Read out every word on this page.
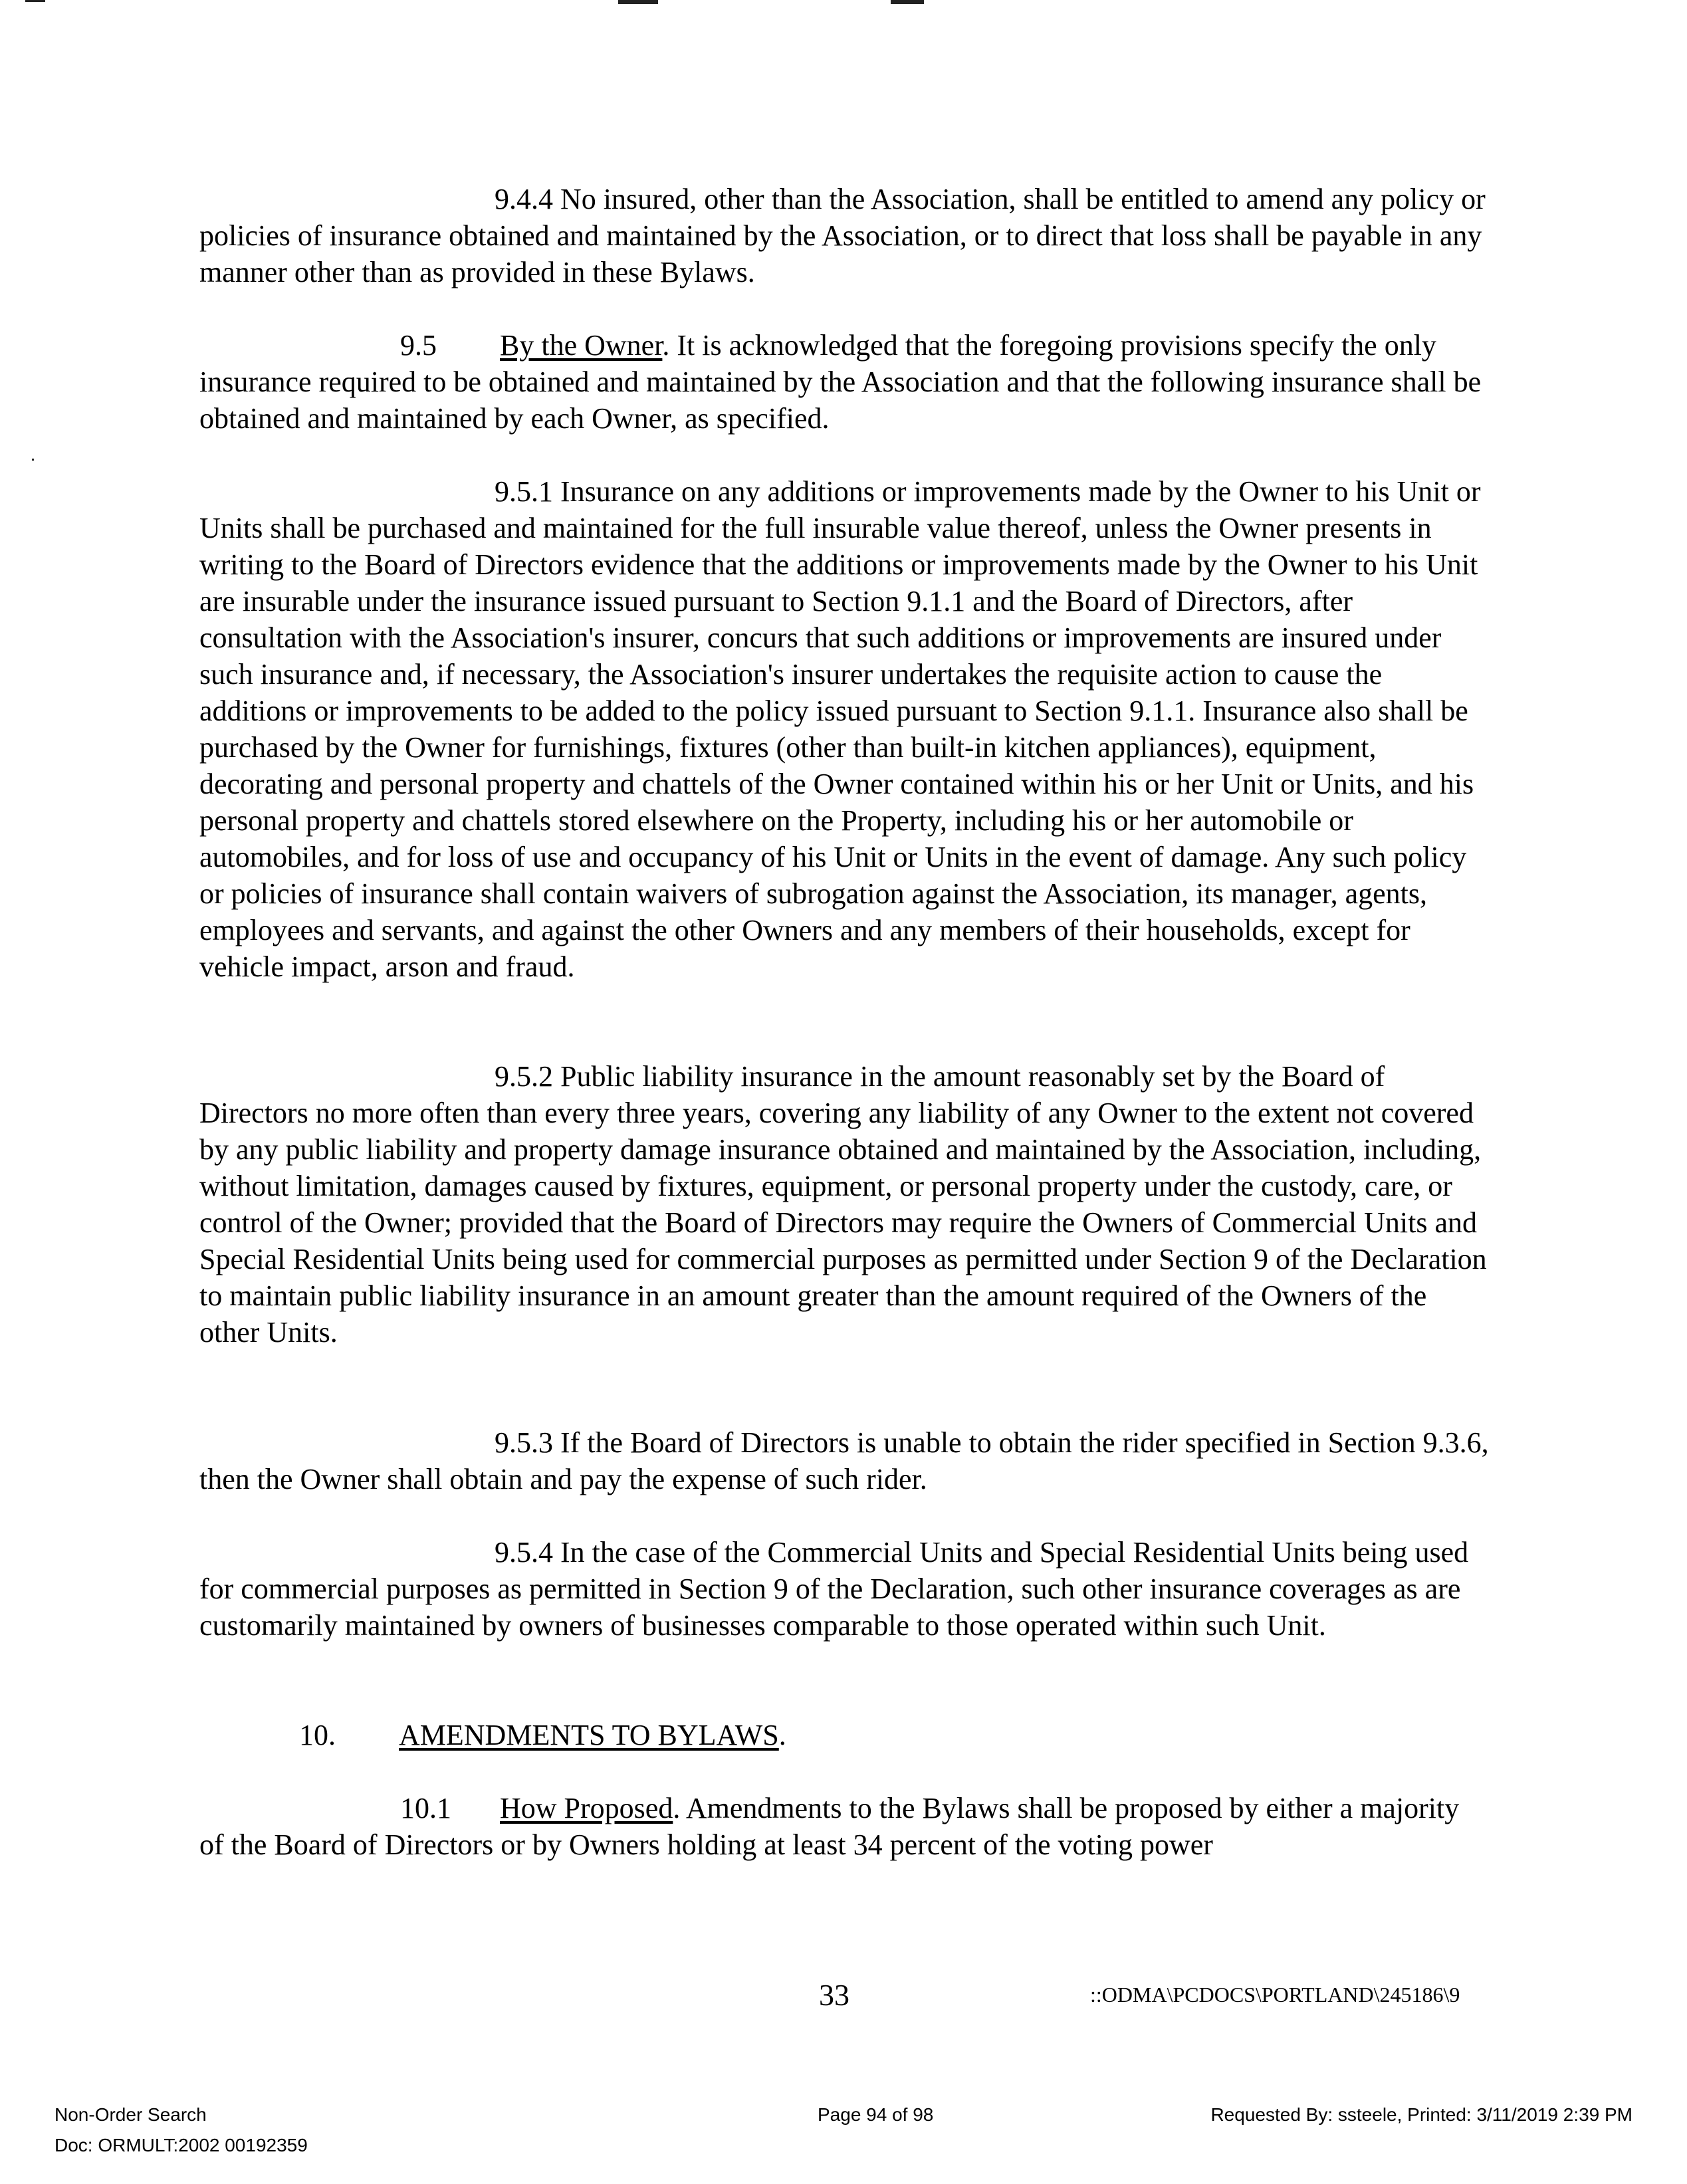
9.4.4 No insured, other than the Association, shall be entitled to amend any policy or policies of insurance obtained and maintained by the Association, or to direct that loss shall be payable in any manner other than as provided in these Bylaws.

9.5 By the Owner. It is acknowledged that the foregoing provisions specify the only insurance required to be obtained and maintained by the Association and that the following insurance shall be obtained and maintained by each Owner, as specified.

9.5.1 Insurance on any additions or improvements made by the Owner to his Unit or Units shall be purchased and maintained for the full insurable value thereof, unless the Owner presents in writing to the Board of Directors evidence that the additions or improvements made by the Owner to his Unit are insurable under the insurance issued pursuant to Section 9.1.1 and the Board of Directors, after consultation with the Association's insurer, concurs that such additions or improvements are insured under such insurance and, if necessary, the Association's insurer undertakes the requisite action to cause the additions or improvements to be added to the policy issued pursuant to Section 9.1.1. Insurance also shall be purchased by the Owner for furnishings, fixtures (other than built-in kitchen appliances), equipment, decorating and personal property and chattels of the Owner contained within his or her Unit or Units, and his personal property and chattels stored elsewhere on the Property, including his or her automobile or automobiles, and for loss of use and occupancy of his Unit or Units in the event of damage. Any such policy or policies of insurance shall contain waivers of subrogation against the Association, its manager, agents, employees and servants, and against the other Owners and any members of their households, except for vehicle impact, arson and fraud.

9.5.2 Public liability insurance in the amount reasonably set by the Board of Directors no more often than every three years, covering any liability of any Owner to the extent not covered by any public liability and property damage insurance obtained and maintained by the Association, including, without limitation, damages caused by fixtures, equipment, or personal property under the custody, care, or control of the Owner; provided that the Board of Directors may require the Owners of Commercial Units and Special Residential Units being used for commercial purposes as permitted under Section 9 of the Declaration to maintain public liability insurance in an amount greater than the amount required of the Owners of the other Units.

9.5.3 If the Board of Directors is unable to obtain the rider specified in Section 9.3.6, then the Owner shall obtain and pay the expense of such rider.

9.5.4 In the case of the Commercial Units and Special Residential Units being used for commercial purposes as permitted in Section 9 of the Declaration, such other insurance coverages as are customarily maintained by owners of businesses comparable to those operated within such Unit.

10. AMENDMENTS TO BYLAWS.

10.1 How Proposed. Amendments to the Bylaws shall be proposed by either a majority of the Board of Directors or by Owners holding at least 34 percent of the voting power

33	::ODMA\PCDOCS\PORTLAND\245186\9
Non-Order Search
Doc: ORMULT:2002 00192359
Page 94 of 98	Requested By: ssteele, Printed: 3/11/2019 2:39 PM
